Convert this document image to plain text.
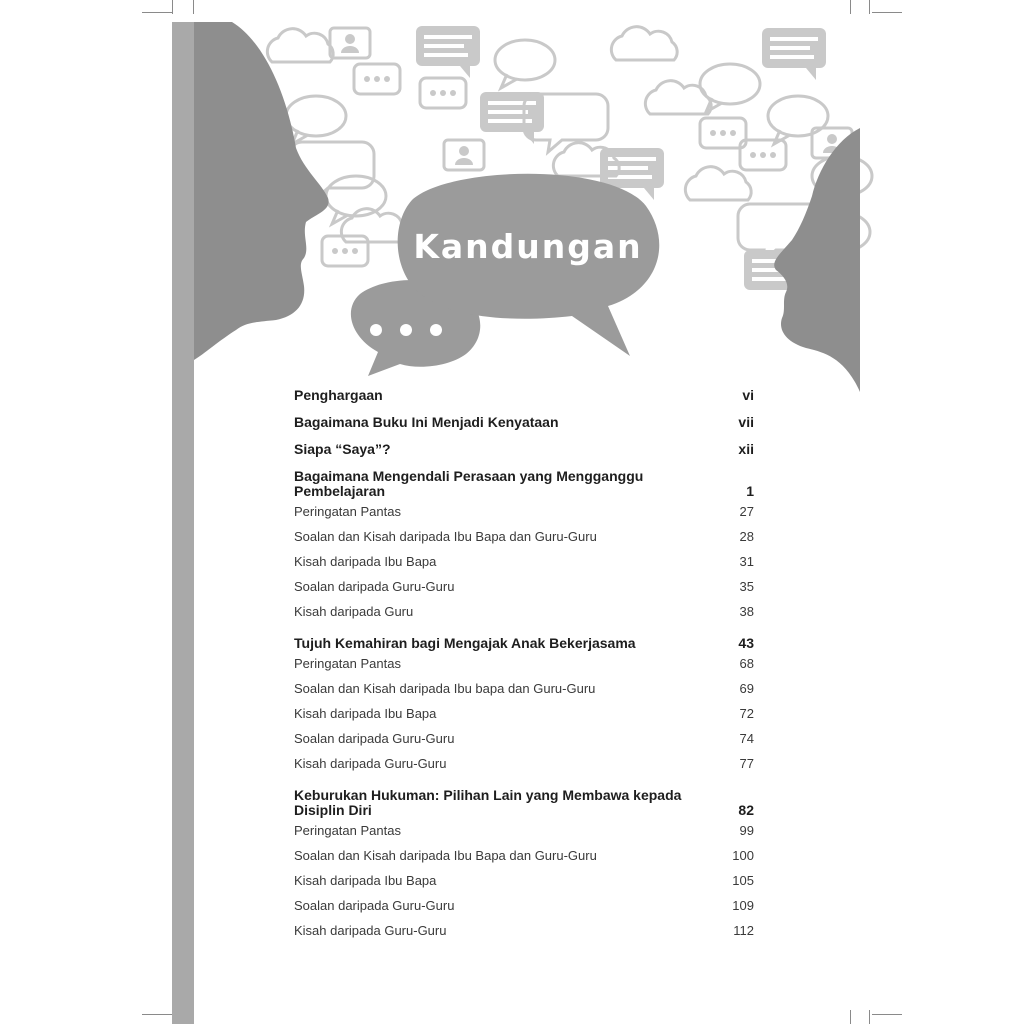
Kandungan
Penghargaan	vi
Bagaimana Buku Ini Menjadi Kenyataan	vii
Siapa “Saya”?	xii
Bagaimana Mengendali Perasaan yang Mengganggu Pembelajaran	1
Peringatan Pantas	27
Soalan dan Kisah daripada Ibu Bapa dan Guru-Guru	28
Kisah daripada Ibu Bapa	31
Soalan daripada Guru-Guru	35
Kisah daripada Guru	38
Tujuh Kemahiran bagi Mengajak Anak Bekerjasama	43
Peringatan Pantas	68
Soalan dan Kisah daripada Ibu bapa dan Guru-Guru	69
Kisah daripada Ibu Bapa	72
Soalan daripada Guru-Guru	74
Kisah daripada Guru-Guru	77
Keburukan Hukuman: Pilihan Lain yang Membawa kepada Disiplin Diri	82
Peringatan Pantas	99
Soalan dan Kisah daripada Ibu Bapa dan Guru-Guru	100
Kisah daripada Ibu Bapa	105
Soalan daripada Guru-Guru	109
Kisah daripada Guru-Guru	112
